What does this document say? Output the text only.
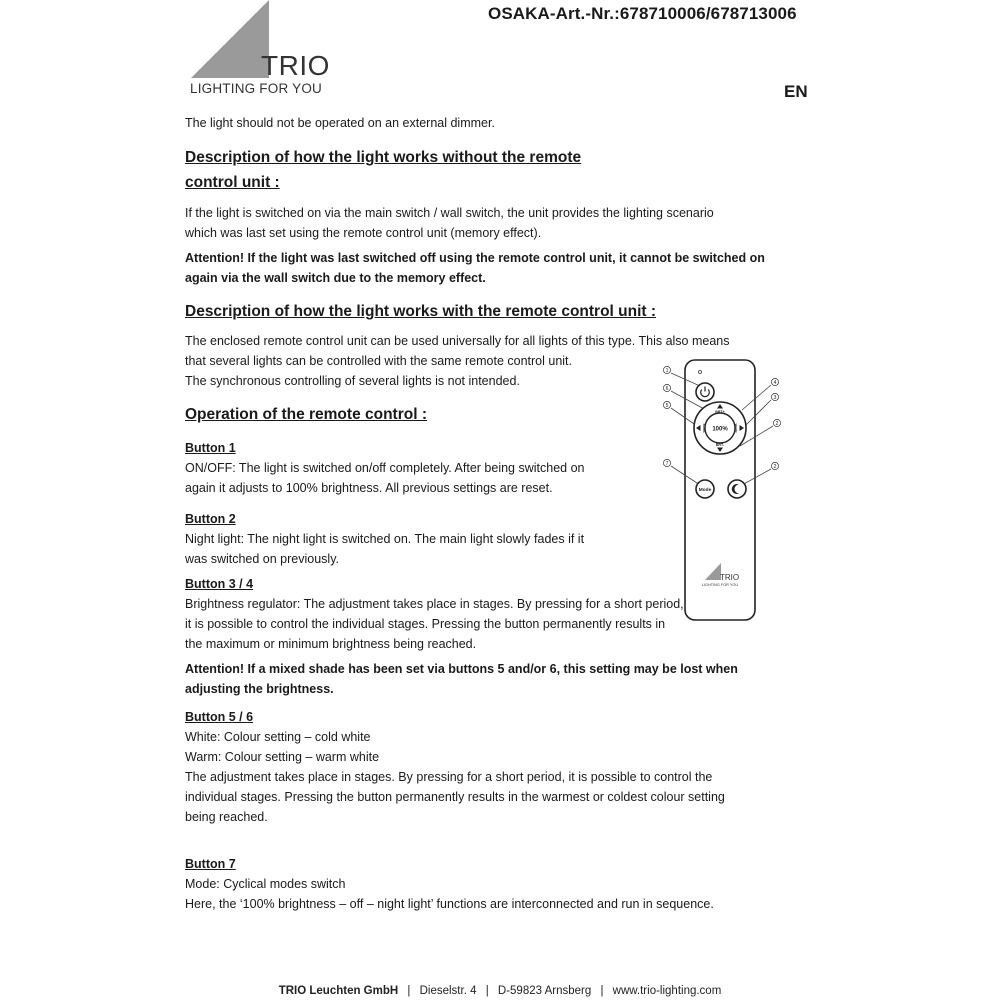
OSAKA-Art.-Nr.:678710006/678713006
EN
TRIO
LIGHTING FOR YOU
The light should not be operated on an external dimmer.
Description of how the light works without the remote
control unit :
If the light is switched on via the main switch / wall switch, the unit provides the lighting scenario
which was last set using the remote control unit (memory effect).
Attention! If the light was last switched off using the remote control unit, it cannot be switched on
again via the wall switch due to the memory effect.
Description of how the light works with the remote control unit :
The enclosed remote control unit can be used universally for all lights of this type. This also means
that several lights can be controlled with the same remote control unit.
The synchronous controlling of several lights is not intended.
Operation of the remote control :
Button 1
ON/OFF: The light is switched on/off completely. After being switched on
again it adjusts to 100% brightness. All previous settings are reset.
Button 2
Night light: The night light is switched on. The main light slowly fades if it
was switched on previously.
Button 3 / 4
Brightness regulator: The adjustment takes place in stages. By pressing for a short period,
it is possible to control the individual stages. Pressing the button permanently results in
the maximum or minimum brightness being reached.
Attention! If a mixed shade has been set via buttons 5 and/or 6, this setting may be lost when
adjusting the brightness.
Button 5 / 6
White: Colour setting – cold white
Warm: Colour setting – warm white
The adjustment takes place in stages. By pressing for a short period, it is possible to control the
individual stages. Pressing the button permanently results in the warmest or coldest colour setting
being reached.
Button 7
Mode: Cyclical modes switch
Here, the ‘100% brightness – off – night light’ functions are interconnected and run in sequence.
1
6
5
7
4
3
2
2
100%
BRT+
BRT-
WHITE	WARM
Mode
TRIO
LIGHTING FOR YOU
TRIO Leuchten GmbH | Dieselstr. 4 | D-59823 Arnsberg | www.trio-lighting.com
